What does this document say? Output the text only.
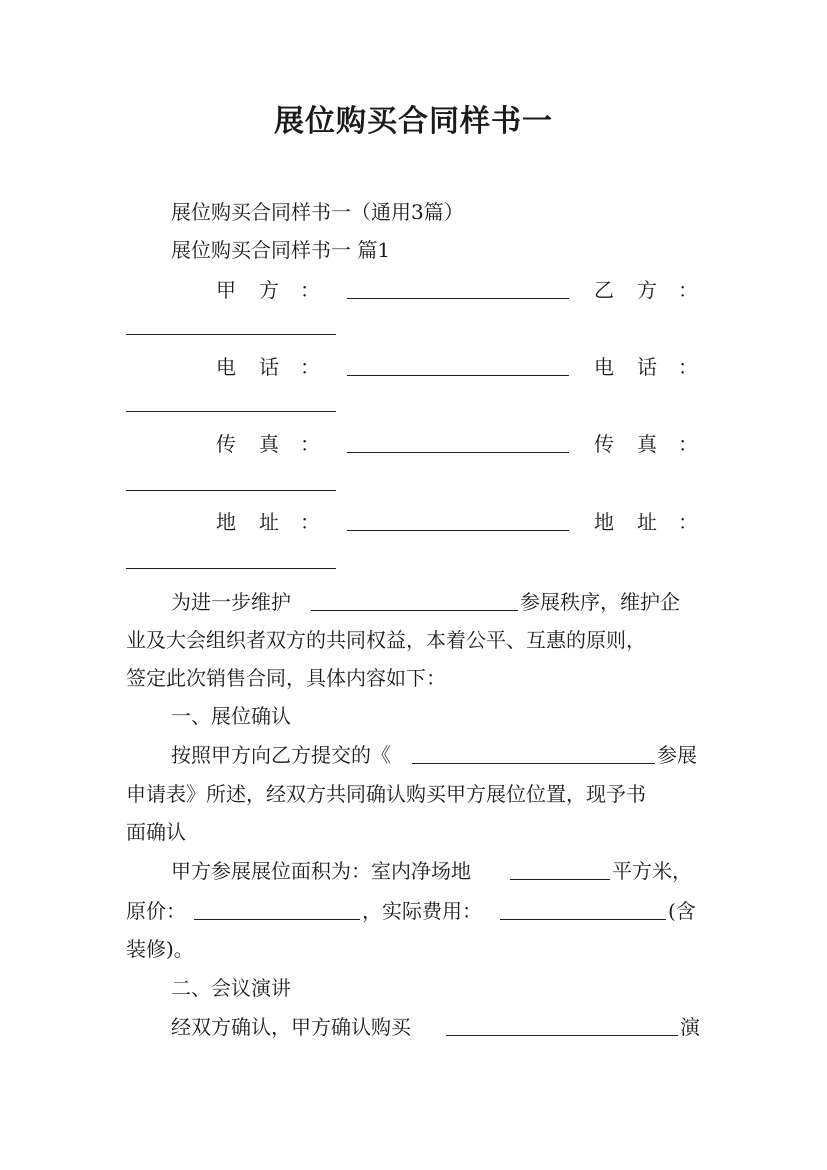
展位购买合同样书一
展位购买合同样书一（通用3篇）
展位购买合同样书一 篇1
甲 方 ：	乙 方 ：
电 话 ：	电 话 ：
传 真 ：	传 真 ：
地 址 ：	地 址 ：
为进一步维护	参展秩序，维护企
业及大会组织者双方的共同权益，本着公平、互惠的原则，
签定此次销售合同，具体内容如下：
一、展位确认
按照甲方向乙方提交的《	参展
申请表》所述，经双方共同确认购买甲方展位位置，现予书
面确认
甲方参展展位面积为：室内净场地	平方米，
原价：	，实际费用：	(含
装修)。
二、会议演讲
经双方确认，甲方确认购买	演
